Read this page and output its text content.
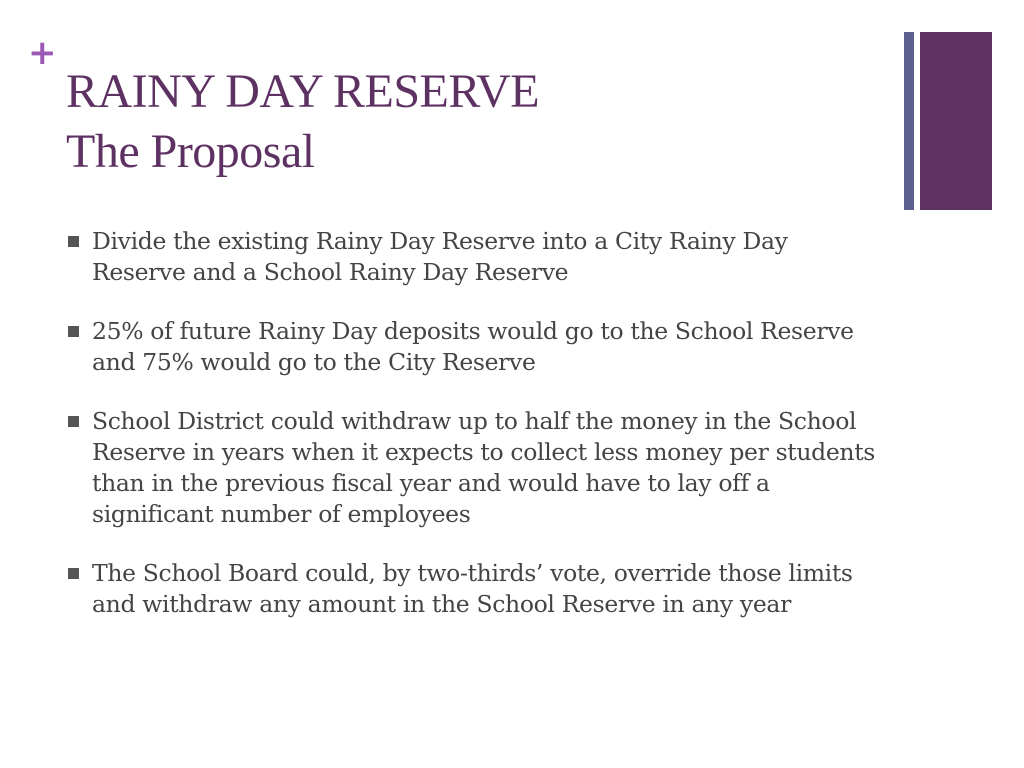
+
RAINY DAY RESERVE
The Proposal
Divide the existing Rainy Day Reserve into a City Rainy Day Reserve and a School Rainy Day Reserve
25% of future Rainy Day deposits would go to the School Reserve and 75% would go to the City Reserve
School District could withdraw up to half the money in the School Reserve in years when it expects to collect less money per students than in the previous fiscal year and would have to lay off a significant number of employees
The School Board could, by two-thirds’ vote, override those limits and withdraw any amount in the School Reserve in any year
